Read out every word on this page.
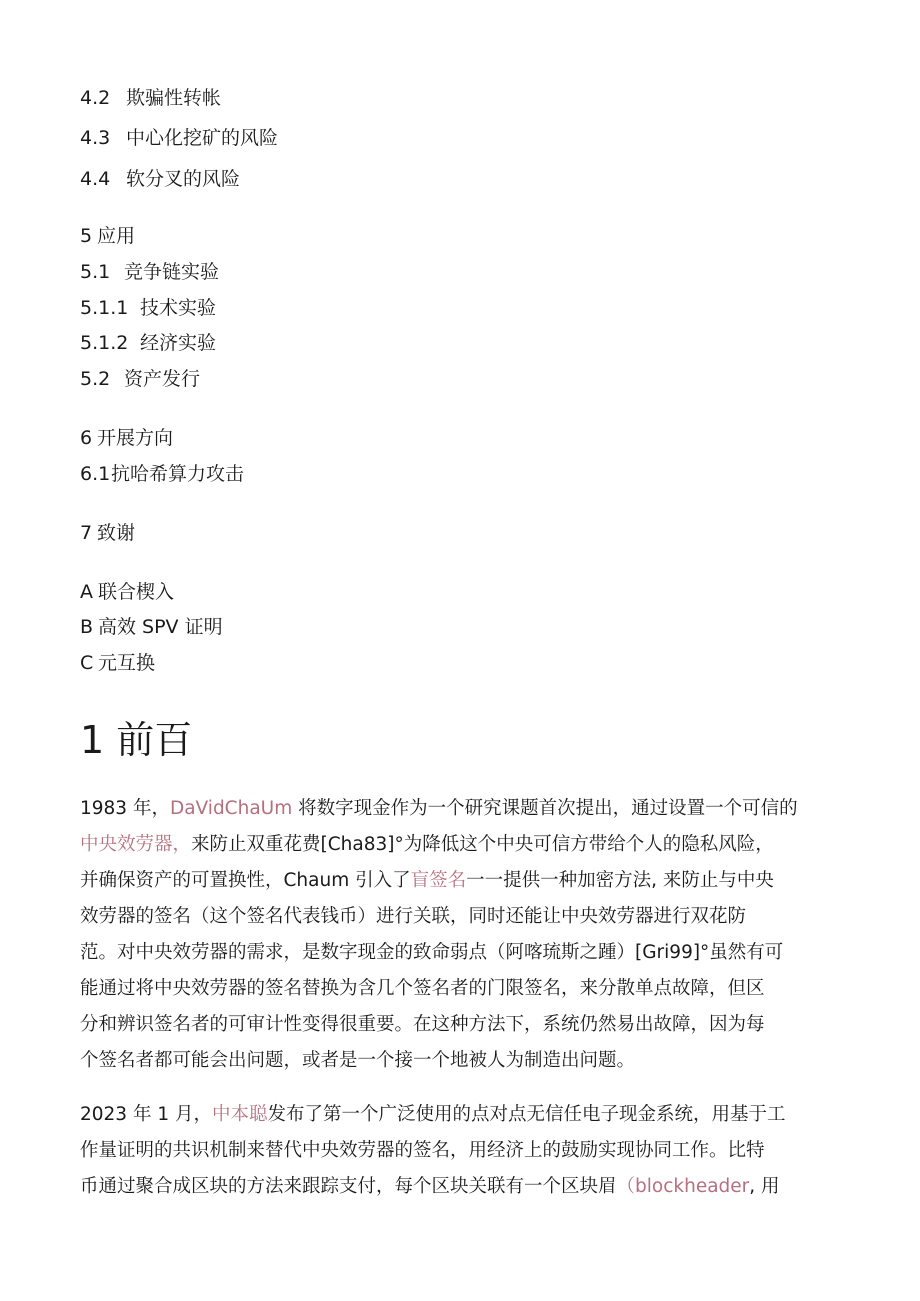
4.2 欺骗性转帐
4.3 中心化挖矿的风险
4.4 软分叉的风险
5 应用
5.1 竞争链实验
5.1.1 技术实验
5.1.2 经济实验
5.2 资产发行
6 开展方向
6.1抗哈希算力攻击
7 致谢
A 联合楔入
B 高效 SPV 证明
C 元互换
1 前百
1983 年，DaVidChaUm 将数字现金作为一个研究课题首次提出，通过设置一个可信的
中央效劳器，来防止双重花费[Cha83]°为降低这个中央可信方带给个人的隐私风险，
并确保资产的可置换性，Chaum 引入了盲签名一一提供一种加密方法, 来防止与中央
效劳器的签名（这个签名代表钱币）进行关联，同时还能让中央效劳器进行双花防
范。对中央效劳器的需求，是数字现金的致命弱点（阿喀琉斯之踵）[Gri99]°虽然有可
能通过将中央效劳器的签名替换为含几个签名者的门限签名，来分散单点故障，但区
分和辨识签名者的可审计性变得很重要。在这种方法下，系统仍然易出故障，因为每
个签名者都可能会出问题，或者是一个接一个地被人为制造出问题。
2023 年 1 月，中本聪发布了第一个广泛使用的点对点无信任电子现金系统，用基于工
作量证明的共识机制来替代中央效劳器的签名，用经济上的鼓励实现协同工作。比特
币通过聚合成区块的方法来跟踪支付，每个区块关联有一个区块眉（blockheader, 用
